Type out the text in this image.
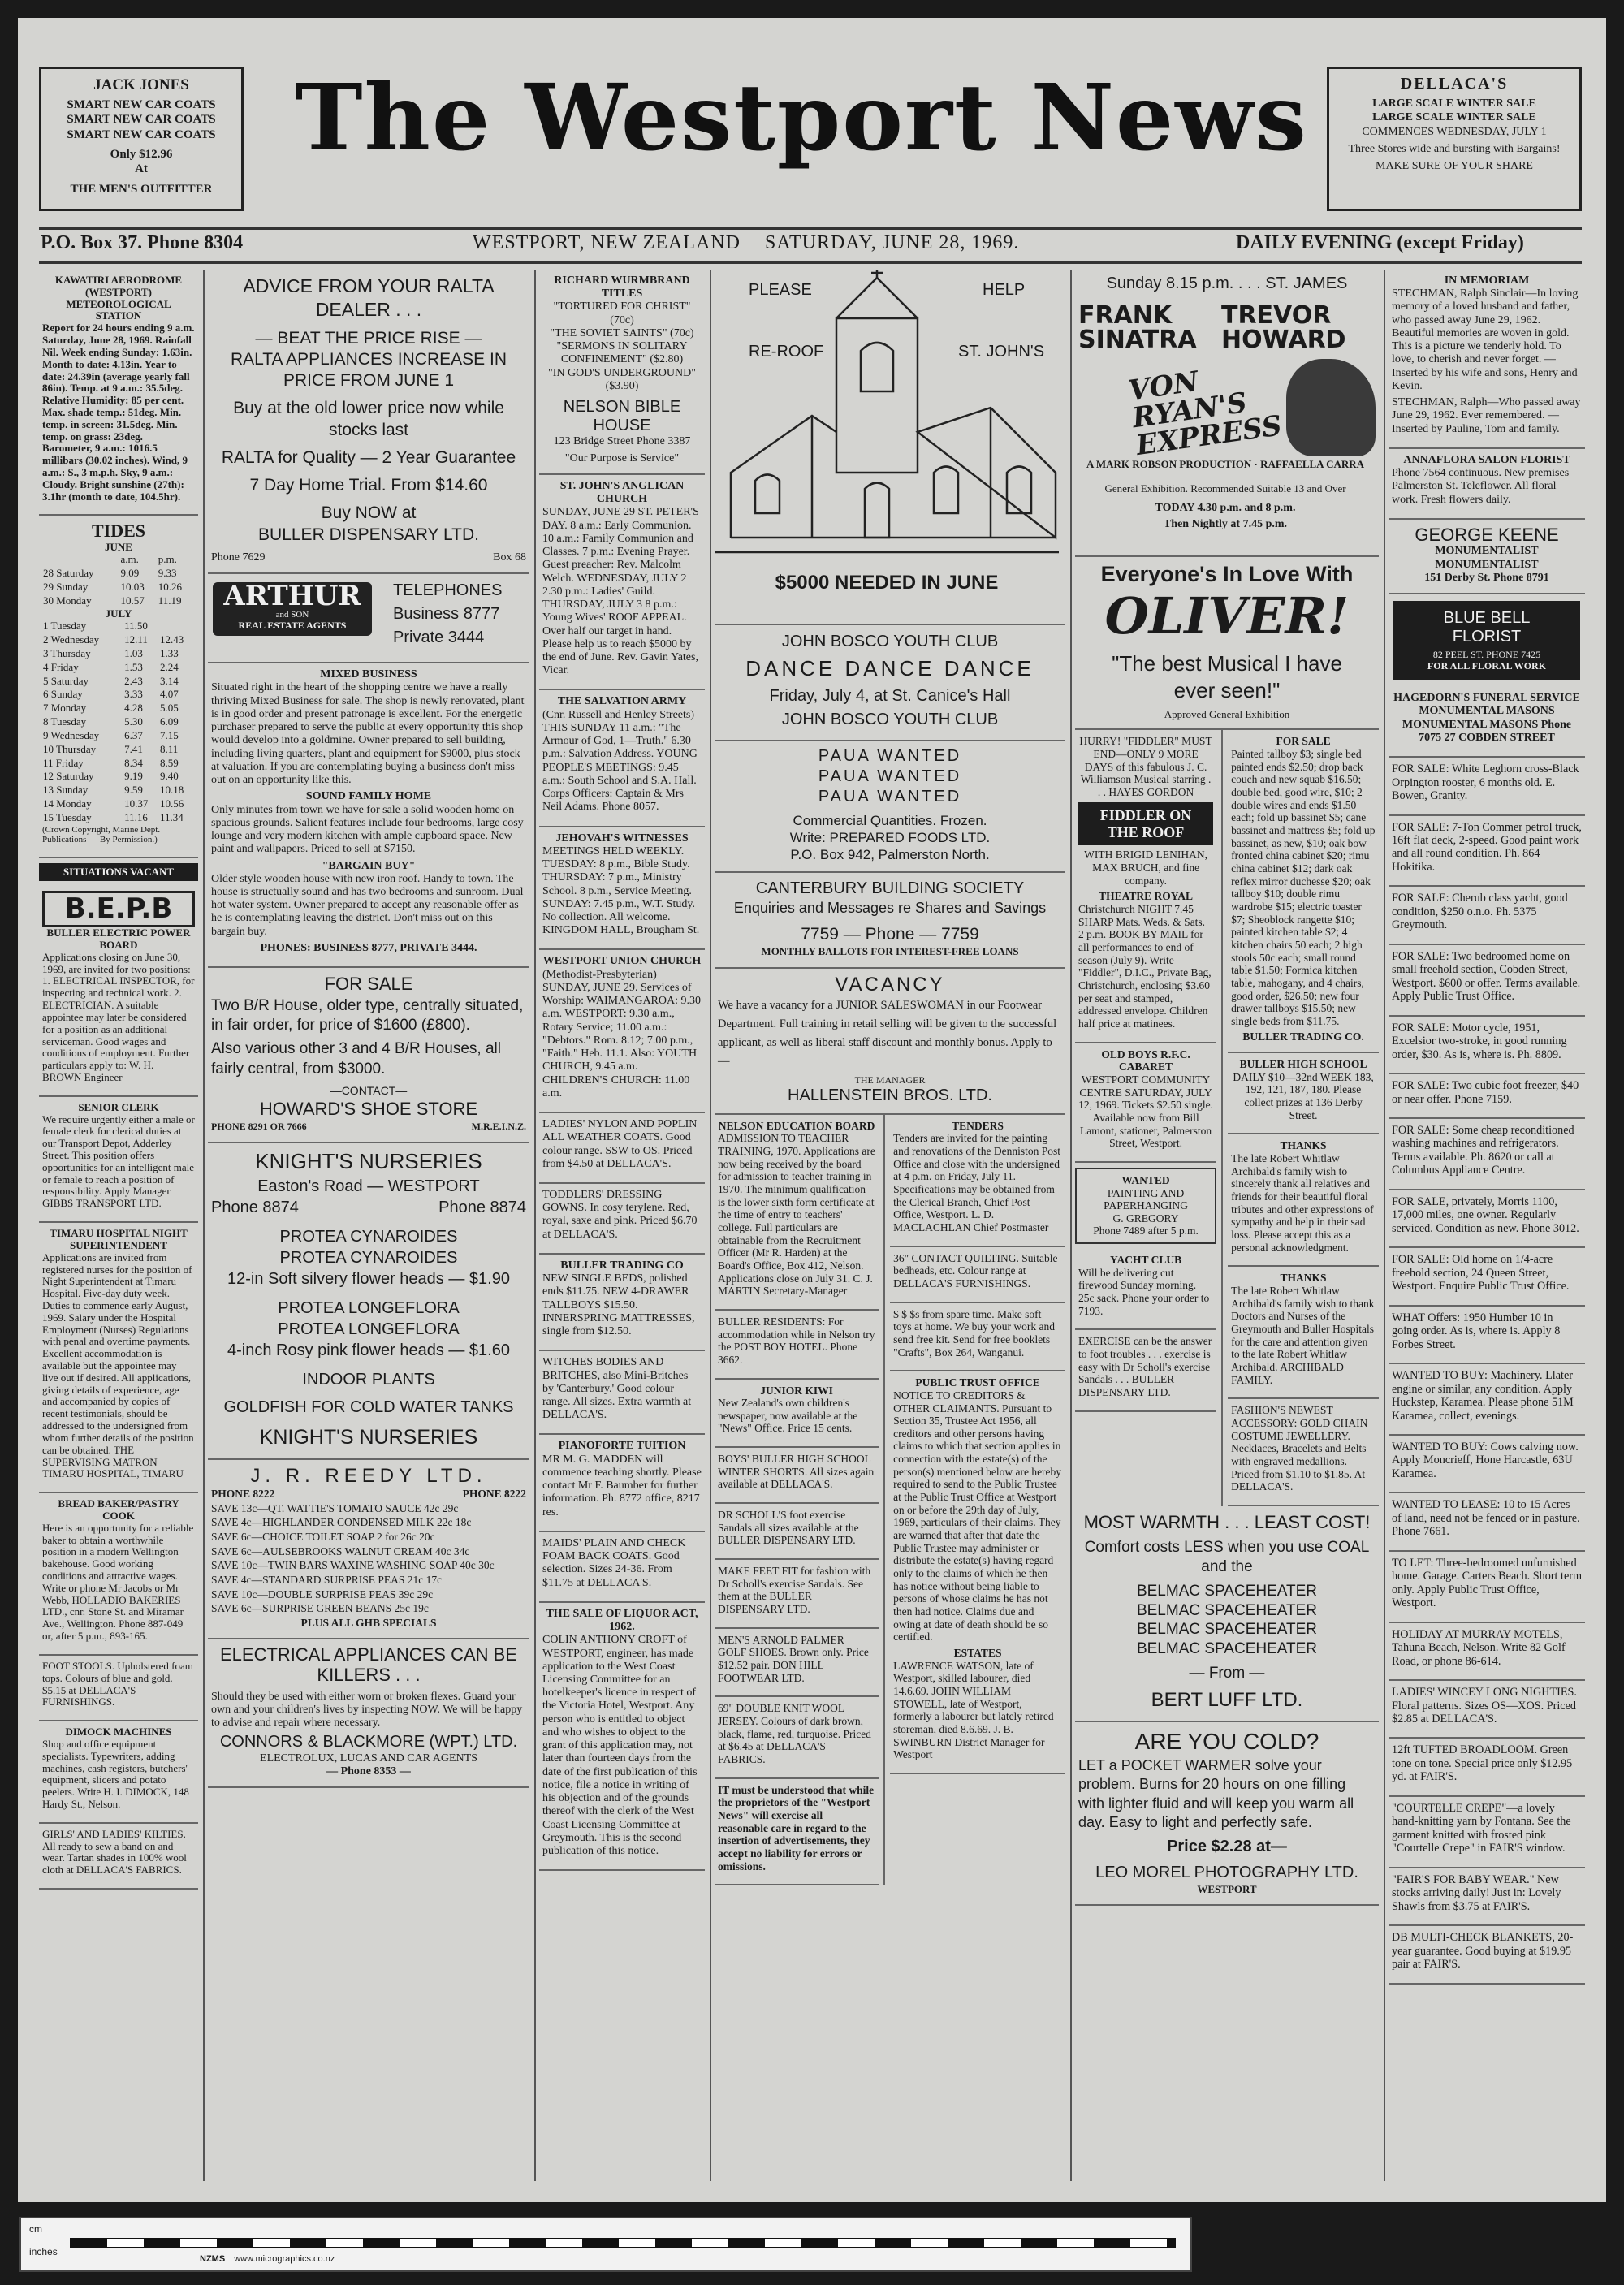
JACK JONES
SMART NEW CAR COATS
SMART NEW CAR COATS
SMART NEW CAR COATS
Only $12.96
At
THE MEN'S OUTFITTER
The Westport News	DELLACA'S
LARGE SCALE WINTER SALE
LARGE SCALE WINTER SALE
COMMENCES WEDNESDAY, JULY 1
Three Stores wide and bursting with Bargains!
MAKE SURE OF YOUR SHARE
P.O. Box 37. Phone 8304	WESTPORT, NEW ZEALAND SATURDAY, JUNE 28, 1969.	DAILY EVENING (except Friday)
KAWATIRI AERODROME (WESTPORT) METEOROLOGICAL STATION

Report for 24 hours ending 9 a.m. Saturday, June 28, 1969. Rainfall Nil. Week ending Sunday: 1.63in. Month to date: 4.13in. Year to date: 24.39in (average yearly fall 86in). Temp. at 9 a.m.: 35.5deg. Relative Humidity: 85 per cent. Max. shade temp.: 51deg. Min. temp. in screen: 31.5deg. Min. temp. on grass: 23deg. Barometer, 9 a.m.: 1016.5 millibars (30.02 inches). Wind, 9 a.m.: S., 3 m.p.h. Sky, 9 a.m.: Cloudy. Bright sunshine (27th): 3.1hr (month to date, 104.5hr).

TIDES
JUNE
	a.m.	p.m.
28 Saturday	9.09	9.33
29 Sunday	10.03	10.26
30 Monday	10.57	11.19
JULY
1 Tuesday	11.50	
2 Wednesday	12.11	12.43
3 Thursday	1.03	1.33
4 Friday	1.53	2.24
5 Saturday	2.43	3.14
6 Sunday	3.33	4.07
7 Monday	4.28	5.05
8 Tuesday	5.30	6.09
9 Wednesday	6.37	7.15
10 Thursday	7.41	8.11
11 Friday	8.34	8.59
12 Saturday	9.19	9.40
13 Sunday	9.59	10.18
14 Monday	10.37	10.56
15 Tuesday	11.16	11.34

(Crown Copyright, Marine Dept. Publications — By Permission.)

SITUATIONS VACANT
B.E.P.B
BULLER ELECTRIC POWER BOARD

Applications closing on June 30, 1969, are invited for two positions: 1. ELECTRICAL INSPECTOR, for inspecting and technical work. 2. ELECTRICIAN. A suitable appointee may later be considered for a position as an additional serviceman. Good wages and conditions of employment. Further particulars apply to: W. H. BROWN Engineer

SENIOR CLERK

We require urgently either a male or female clerk for clerical duties at our Transport Depot, Adderley Street. This position offers opportunities for an intelligent male or female to reach a position of responsibility. Apply Manager GIBBS TRANSPORT LTD.

TIMARU HOSPITAL NIGHT SUPERINTENDENT

Applications are invited from registered nurses for the position of Night Superintendent at Timaru Hospital. Five-day duty week. Duties to commence early August, 1969. Salary under the Hospital Employment (Nurses) Regulations with penal and overtime payments. Excellent accommodation is available but the appointee may live out if desired. All applications, giving details of experience, age and accompanied by copies of recent testimonials, should be addressed to the undersigned from whom further details of the position can be obtained. THE SUPERVISING MATRON TIMARU HOSPITAL, TIMARU

BREAD BAKER/PASTRY COOK

Here is an opportunity for a reliable baker to obtain a worthwhile position in a modern Wellington bakehouse. Good working conditions and attractive wages. Write or phone Mr Jacobs or Mr Webb, HOLLADIO BAKERIES LTD., cnr. Stone St. and Miramar Ave., Wellington. Phone 887-049 or, after 5 p.m., 893-165.

FOOT STOOLS. Upholstered foam tops. Colours of blue and gold. $5.15 at DELLACA'S FURNISHINGS.

DIMOCK MACHINES

Shop and office equipment specialists. Typewriters, adding machines, cash registers, butchers' equipment, slicers and potato peelers. Write H. I. DIMOCK, 148 Hardy St., Nelson.

GIRLS' AND LADIES' KILTIES. All ready to sew a band on and wear. Tartan shades in 100% wool cloth at DELLACA'S FABRICS.

ADVICE FROM YOUR RALTA DEALER . . .
— BEAT THE PRICE RISE —
RALTA APPLIANCES INCREASE IN PRICE FROM JUNE 1
Buy at the old lower price now while stocks last
RALTA for Quality — 2 Year Guarantee
7 Day Home Trial. From $14.60
Buy NOW at
BULLER DISPENSARY LTD.
Phone 7629	Box 68
ARTHUR
and SON
REAL ESTATE AGENTS
TELEPHONES
Business 8777
Private 3444
MIXED BUSINESS

Situated right in the heart of the shopping centre we have a really thriving Mixed Business for sale. The shop is newly renovated, plant is in good order and present patronage is excellent. For the energetic purchaser prepared to serve the public at every opportunity this shop would develop into a goldmine. Owner prepared to sell building, including living quarters, plant and equipment for $9000, plus stock at valuation. If you are contemplating buying a business don't miss out on an opportunity like this.

SOUND FAMILY HOME

Only minutes from town we have for sale a solid wooden home on spacious grounds. Salient features include four bedrooms, large cosy lounge and very modern kitchen with ample cupboard space. New paint and wallpapers. Priced to sell at $7150.

"BARGAIN BUY"

Older style wooden house with new iron roof. Handy to town. The house is structually sound and has two bedrooms and sunroom. Dual hot water system. Owner prepared to accept any reasonable offer as he is contemplating leaving the district. Don't miss out on this bargain buy.

PHONES: BUSINESS 8777, PRIVATE 3444.

FOR SALE

Two B/R House, older type, centrally situated, in fair order, for price of $1600 (£800).

Also various other 3 and 4 B/R Houses, all fairly central, from $3000.

—CONTACT—
HOWARD'S SHOE STORE
PHONE 8291 OR 7666	M.R.E.I.N.Z.
KNIGHT'S NURSERIES
Easton's Road — WESTPORT
Phone 8874	Phone 8874
PROTEA CYNAROIDES
PROTEA CYNAROIDES
12-in Soft silvery flower heads — $1.90
PROTEA LONGEFLORA
PROTEA LONGEFLORA
4-inch Rosy pink flower heads — $1.60
INDOOR PLANTS
GOLDFISH FOR COLD WATER TANKS
KNIGHT'S NURSERIES
J. R. REEDY LTD.
PHONE 8222	PHONE 8222

SAVE 13c—QT. WATTIE'S TOMATO SAUCE 42c 29c

SAVE 4c—HIGHLANDER CONDENSED MILK 22c 18c

SAVE 6c—CHOICE TOILET SOAP 2 for 26c 20c

SAVE 6c—AULSEBROOKS WALNUT CREAM 40c 34c

SAVE 10c—TWIN BARS WAXINE WASHING SOAP 40c 30c

SAVE 4c—STANDARD SURPRISE PEAS 21c 17c

SAVE 10c—DOUBLE SURPRISE PEAS 39c 29c

SAVE 6c—SURPRISE GREEN BEANS 25c 19c

PLUS ALL GHB SPECIALS
ELECTRICAL APPLIANCES CAN BE KILLERS . . .

Should they be used with either worn or broken flexes. Guard your own and your children's lives by inspecting NOW. We will be happy to advise and repair where necessary.

CONNORS & BLACKMORE (WPT.) LTD.
ELECTROLUX, LUCAS AND CAR AGENTS
— Phone 8353 —
RICHARD WURMBRAND TITLES
"TORTURED FOR CHRIST" (70c)
"THE SOVIET SAINTS" (70c)
"SERMONS IN SOLITARY CONFINEMENT" ($2.80)
"IN GOD'S UNDERGROUND" ($3.90)
NELSON BIBLE HOUSE
123 Bridge Street Phone 3387
"Our Purpose is Service"
ST. JOHN'S ANGLICAN CHURCH

SUNDAY, JUNE 29 ST. PETER'S DAY. 8 a.m.: Early Communion. 10 a.m.: Family Communion and Classes. 7 p.m.: Evening Prayer. Guest preacher: Rev. Malcolm Welch. WEDNESDAY, JULY 2 2.30 p.m.: Ladies' Guild. THURSDAY, JULY 3 8 p.m.: Young Wives' ROOF APPEAL. Over half our target in hand. Please help us to reach $5000 by the end of June. Rev. Gavin Yates, Vicar.

THE SALVATION ARMY

(Cnr. Russell and Henley Streets) THIS SUNDAY 11 a.m.: "The Armour of God, 1—Truth." 6.30 p.m.: Salvation Address. YOUNG PEOPLE'S MEETINGS: 9.45 a.m.: South School and S.A. Hall. Corps Officers: Captain & Mrs Neil Adams. Phone 8057.

JEHOVAH'S WITNESSES

MEETINGS HELD WEEKLY. TUESDAY: 8 p.m., Bible Study. THURSDAY: 7 p.m., Ministry School. 8 p.m., Service Meeting. SUNDAY: 7.45 p.m., W.T. Study. No collection. All welcome. KINGDOM HALL, Brougham St.

WESTPORT UNION CHURCH

(Methodist-Presbyterian) SUNDAY, JUNE 29. Services of Worship: WAIMANGAROA: 9.30 a.m. WESTPORT: 9.30 a.m., Rotary Service; 11.00 a.m.: "Debtors." Rom. 8.12; 7.00 p.m., "Faith." Heb. 11.1. Also: YOUTH CHURCH, 9.45 a.m. CHILDREN'S CHURCH: 11.00 a.m.

LADIES' NYLON AND POPLIN ALL WEATHER COATS. Good colour range. SSW to OS. Priced from $4.50 at DELLACA'S.

TODDLERS' DRESSING GOWNS. In cosy terylene. Red, royal, saxe and pink. Priced $6.70 at DELLACA'S.

BULLER TRADING CO

NEW SINGLE BEDS, polished ends $11.75. NEW 4-DRAWER TALLBOYS $15.50. INNERSPRING MATTRESSES, single from $12.50.

WITCHES BODIES AND BRITCHES, also Mini-Britches by 'Canterbury.' Good colour range. All sizes. Extra warmth at DELLACA'S.

PIANOFORTE TUITION

MR M. G. MADDEN will commence teaching shortly. Please contact Mr F. Baumber for further information. Ph. 8772 office, 8217 res.

MAIDS' PLAIN AND CHECK FOAM BACK COATS. Good selection. Sizes 24-36. From $11.75 at DELLACA'S.

THE SALE OF LIQUOR ACT, 1962.

COLIN ANTHONY CROFT of WESTPORT, engineer, has made application to the West Coast Licensing Committee for an hotelkeeper's licence in respect of the Victoria Hotel, Westport. Any person who is entitled to object and who wishes to object to the grant of this application may, not later than fourteen days from the date of the first publication of this notice, file a notice in writing of his objection and of the grounds thereof with the clerk of the West Coast Licensing Committee at Greymouth. This is the second publication of this notice.

PLEASE	HELP
RE-ROOF	ST. JOHN'S
$5000 NEEDED IN JUNE
JOHN BOSCO YOUTH CLUB
DANCE DANCE DANCE
Friday, July 4, at St. Canice's Hall
JOHN BOSCO YOUTH CLUB
PAUA WANTED
PAUA WANTED
PAUA WANTED
Commercial Quantities. Frozen.
Write: PREPARED FOODS LTD.
P.O. Box 942, Palmerston North.
CANTERBURY BUILDING SOCIETY
Enquiries and Messages re Shares and Savings
7759 — Phone — 7759
MONTHLY BALLOTS FOR INTEREST-FREE LOANS
VACANCY

We have a vacancy for a JUNIOR SALESWOMAN in our Footwear Department. Full training in retail selling will be given to the successful applicant, as well as liberal staff discount and monthly bonus. Apply to—

THE MANAGER
HALLENSTEIN BROS. LTD.
NELSON EDUCATION BOARD

ADMISSION TO TEACHER TRAINING, 1970. Applications are now being received by the board for admission to teacher training in 1970. The minimum qualification is the lower sixth form certificate at the time of entry to teachers' college. Full particulars are obtainable from the Recruitment Officer (Mr R. Harden) at the Board's Office, Box 412, Nelson. Applications close on July 31. C. J. MARTIN Secretary-Manager

BULLER RESIDENTS: For accommodation while in Nelson try the POST BOY HOTEL. Phone 3662.

JUNIOR KIWI

New Zealand's own children's newspaper, now available at the "News" Office. Price 15 cents.

BOYS' BULLER HIGH SCHOOL WINTER SHORTS. All sizes again available at DELLACA'S.

DR SCHOLL'S foot exercise Sandals all sizes available at the BULLER DISPENSARY LTD.

MAKE FEET FIT for fashion with Dr Scholl's exercise Sandals. See them at the BULLER DISPENSARY LTD.

MEN'S ARNOLD PALMER GOLF SHOES. Brown only. Price $12.52 pair. DON HILL FOOTWEAR LTD.

69" DOUBLE KNIT WOOL JERSEY. Colours of dark brown, black, flame, red, turquoise. Priced at $6.45 at DELLACA'S FABRICS.

IT must be understood that while the proprietors of the "Westport News" will exercise all reasonable care in regard to the insertion of advertisements, they accept no liability for errors or omissions.

TENDERS

Tenders are invited for the painting and renovations of the Denniston Post Office and close with the undersigned at 4 p.m. on Friday, July 11. Specifications may be obtained from the Clerical Branch, Chief Post Office, Westport. L. D. MACLACHLAN Chief Postmaster

36" CONTACT QUILTING. Suitable bedheads, etc. Colour range at DELLACA'S FURNISHINGS.

$ $ $s from spare time. Make soft toys at home. We buy your work and send free kit. Send for free booklets "Crafts", Box 264, Wanganui.

PUBLIC TRUST OFFICE

NOTICE TO CREDITORS & OTHER CLAIMANTS. Pursuant to Section 35, Trustee Act 1956, all creditors and other persons having claims to which that section applies in connection with the estate(s) of the person(s) mentioned below are hereby required to send to the Public Trustee at the Public Trust Office at Westport on or before the 29th day of July, 1969, particulars of their claims. They are warned that after that date the Public Trustee may administer or distribute the estate(s) having regard only to the claims of which he then has notice without being liable to persons of whose claims he has not then had notice. Claims due and owing at date of death should be so certified.

ESTATES

LAWRENCE WATSON, late of Westport, skilled labourer, died 14.6.69. JOHN WILLIAM STOWELL, late of Westport, formerly a labourer but lately retired storeman, died 8.6.69. J. B. SWINBURN District Manager for Westport

Sunday 8.15 p.m. . . . ST. JAMES
FRANK
SINATRA
TREVOR
HOWARD
VON RYAN'S EXPRESS
A MARK ROBSON PRODUCTION · RAFFAELLA CARRA
General Exhibition. Recommended Suitable 13 and Over
TODAY 4.30 p.m. and 8 p.m.
Then Nightly at 7.45 p.m.
Everyone's In Love With
OLIVER!
"The best Musical I have ever seen!"
Approved General Exhibition

HURRY! "FIDDLER" MUST END—ONLY 9 MORE DAYS of this fabulous J. C. Williamson Musical starring . . . HAYES GORDON

FIDDLER ON THE ROOF

WITH BRIGID LENIHAN, MAX BRUCH, and fine company.

THEATRE ROYAL

Christchurch NIGHT 7.45 SHARP Mats. Weds. & Sats. 2 p.m. BOOK BY MAIL for all performances to end of season (July 9). Write "Fiddler", D.I.C., Private Bag, Christchurch, enclosing $3.60 per seat and stamped, addressed envelope. Children half price at matinees.

OLD BOYS R.F.C. CABARET

WESTPORT COMMUNITY CENTRE SATURDAY, JULY 12, 1969. Tickets $2.50 single. Available now from Bill Lamont, stationer, Palmerston Street, Westport.

WANTED
PAINTING AND PAPERHANGING
G. GREGORY
Phone 7489 after 5 p.m.
YACHT CLUB

Will be delivering cut firewood Sunday morning. 25c sack. Phone your order to 7193.

EXERCISE can be the answer to foot troubles . . . exercise is easy with Dr Scholl's exercise Sandals . . . BULLER DISPENSARY LTD.

FOR SALE

Painted tallboy $3; single bed painted ends $2.50; drop back couch and new squab $16.50; double bed, good wire, $10; 2 double wires and ends $1.50 each; fold up bassinet $5; cane bassinet and mattress $5; fold up bassinet, as new, $10; oak bow fronted china cabinet $20; rimu china cabinet $12; dark oak reflex mirror duchesse $20; oak tallboy $10; double rimu wardrobe $15; electric toaster $7; Sheoblock rangette $10; painted kitchen table $2; 4 kitchen chairs 50 each; 2 high stools 50c each; small round table $1.50; Formica kitchen table, mahogany, and 4 chairs, good order, $26.50; new four drawer tallboys $15.50; new single beds from $11.75.

BULLER TRADING CO.
BULLER HIGH SCHOOL

DAILY $10—32nd WEEK 183, 192, 121, 187, 180. Please collect prizes at 136 Derby Street.

THANKS

The late Robert Whitlaw Archibald's family wish to sincerely thank all relatives and friends for their beautiful floral tributes and other expressions of sympathy and help in their sad loss. Please accept this as a personal acknowledgment.

THANKS

The late Robert Whitlaw Archibald's family wish to thank Doctors and Nurses of the Greymouth and Buller Hospitals for the care and attention given to the late Robert Whitlaw Archibald. ARCHIBALD FAMILY.

FASHION'S NEWEST ACCESSORY: GOLD CHAIN COSTUME JEWELLERY. Necklaces, Bracelets and Belts with engraved medallions. Priced from $1.10 to $1.85. At DELLACA'S.

MOST WARMTH . . . LEAST COST!
Comfort costs LESS when you use COAL and the
BELMAC SPACEHEATER
BELMAC SPACEHEATER
BELMAC SPACEHEATER
BELMAC SPACEHEATER
— From —
BERT LUFF LTD.
ARE YOU COLD?

LET a POCKET WARMER solve your problem. Burns for 20 hours on one filling with lighter fluid and will keep you warm all day. Easy to light and perfectly safe.

Price $2.28 at—
LEO MOREL PHOTOGRAPHY LTD.
WESTPORT
IN MEMORIAM

STECHMAN, Ralph Sinclair—In loving memory of a loved husband and father, who passed away June 29, 1962. Beautiful memories are woven in gold. This is a picture we tenderly hold. To love, to cherish and never forget. —Inserted by his wife and sons, Henry and Kevin.

STECHMAN, Ralph—Who passed away June 29, 1962. Ever remembered. —Inserted by Pauline, Tom and family.

ANNAFLORA SALON FLORIST

Phone 7564 continuous. New premises Palmerston St. Teleflower. All floral work. Fresh flowers daily.

GEORGE KEENE
MONUMENTALIST
MONUMENTALIST
151 Derby St. Phone 8791
BLUE BELL
FLORIST
82 PEEL ST. PHONE 7425
FOR ALL FLORAL WORK
HAGEDORN'S FUNERAL SERVICE

MONUMENTAL MASONS MONUMENTAL MASONS Phone 7075 27 COBDEN STREET

FOR SALE: White Leghorn cross-Black Orpington rooster, 6 months old. E. Bowen, Granity.

FOR SALE: 7-Ton Commer petrol truck, 16ft flat deck, 2-speed. Good paint work and all round condition. Ph. 864 Hokitika.

FOR SALE: Cherub class yacht, good condition, $250 o.n.o. Ph. 5375 Greymouth.

FOR SALE: Two bedroomed home on small freehold section, Cobden Street, Westport. $600 or offer. Terms available. Apply Public Trust Office.

FOR SALE: Motor cycle, 1951, Excelsior two-stroke, in good running order, $30. As is, where is. Ph. 8809.

FOR SALE: Two cubic foot freezer, $40 or near offer. Phone 7159.

FOR SALE: Some cheap reconditioned washing machines and refrigerators. Terms available. Ph. 8620 or call at Columbus Appliance Centre.

FOR SALE, privately, Morris 1100, 17,000 miles, one owner. Regularly serviced. Condition as new. Phone 3012.

FOR SALE: Old home on 1/4-acre freehold section, 24 Queen Street, Westport. Enquire Public Trust Office.

WHAT Offers: 1950 Humber 10 in going order. As is, where is. Apply 8 Forbes Street.

WANTED TO BUY: Machinery. Llater engine or similar, any condition. Apply Huckstep, Karamea. Please phone 51M Karamea, collect, evenings.

WANTED TO BUY: Cows calving now. Apply Moncrieff, Hone Harcastle, 63U Karamea.

WANTED TO LEASE: 10 to 15 Acres of land, need not be fenced or in pasture. Phone 7661.

TO LET: Three-bedroomed unfurnished home. Garage. Carters Beach. Short term only. Apply Public Trust Office, Westport.

HOLIDAY AT MURRAY MOTELS, Tahuna Beach, Nelson. Write 82 Golf Road, or phone 86-614.

LADIES' WINCEY LONG NIGHTIES. Floral patterns. Sizes OS—XOS. Priced $2.85 at DELLACA'S.

12ft TUFTED BROADLOOM. Green tone on tone. Special price only $12.95 yd. at FAIR'S.

"COURTELLE CREPE"—a lovely hand-knitting yarn by Fontana. See the garment knitted with frosted pink "Courtelle Crepe" in FAIR'S window.

"FAIR'S FOR BABY WEAR." New stocks arriving daily! Just in: Lovely Shawls from $3.75 at FAIR'S.

DB MULTI-CHECK BLANKETS, 20-year guarantee. Good buying at $19.95 pair at FAIR'S.

cm
inches
NZMS www.micrographics.co.nz
